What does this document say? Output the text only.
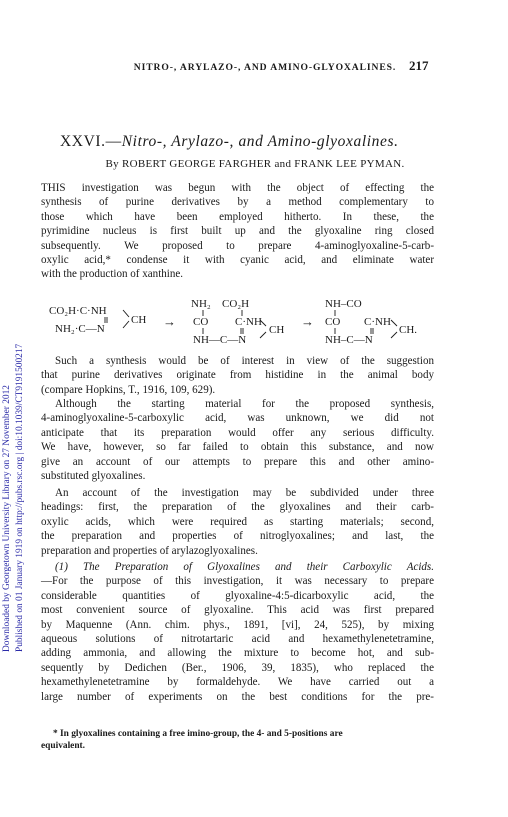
Downloaded by Georgetown University Library on 27 November 2012 Published on 01 January 1919 on http://pubs.rsc.org | doi:10.1039/CT9191500217
NITRO-, ARYLAZO-, AND AMINO-GLYOXALINES. 217
XXVI.—Nitro-, Arylazo-, and Amino-glyoxalines.
By ROBERT GEORGE FARGHER and FRANK LEE PYMAN.
THIS investigation was begun with the object of effecting the
synthesis of purine derivatives by a method complementary to
those which have been employed hitherto. In these, the
pyrimidine nucleus is first built up and the glyoxaline ring closed
subsequently. We proposed to prepare 4-aminoglyoxaline-5-carb-
oxylic acid,* condense it with cyanic acid, and eliminate water
with the production of xanthine.
CO₂H·C·NH
NH₂·C—N
CH →
NH₂ CO₂H
CO C·NH
NH—C—N
CH
→
NH–CO
CO C·NH
NH–C—N
CH.
Such a synthesis would be of interest in view of the suggestion
that purine derivatives originate from histidine in the animal body
(compare Hopkins, T., 1916, 109, 629).
Although the starting material for the proposed synthesis,
4-aminoglyoxaline-5-carboxylic acid, was unknown, we did not
anticipate that its preparation would offer any serious difficulty.
We have, however, so far failed to obtain this substance, and now
give an account of our attempts to prepare this and other amino-
substituted glyoxalines.
An account of the investigation may be subdivided under three
headings: first, the preparation of the glyoxalines and their carb-
oxylic acids, which were required as starting materials; second,
the preparation and properties of nitroglyoxalines; and last, the
preparation and properties of arylazoglyoxalines.
(1) The Preparation of Glyoxalines and their Carboxylic Acids.
—For the purpose of this investigation, it was necessary to prepare
considerable quantities of glyoxaline-4:5-dicarboxylic acid, the
most convenient source of glyoxaline. This acid was first prepared
by Maquenne (Ann. chim. phys., 1891, [vi], 24, 525), by mixing
aqueous solutions of nitrotartaric acid and hexamethylenetetramine,
adding ammonia, and allowing the mixture to become hot, and sub-
sequently by Dedichen (Ber., 1906, 39, 1835), who replaced the
hexamethylenetetramine by formaldehyde. We have carried out a
large number of experiments on the best conditions for the pre-
* In glyoxalines containing a free imino-group, the 4- and 5-positions are
equivalent.
